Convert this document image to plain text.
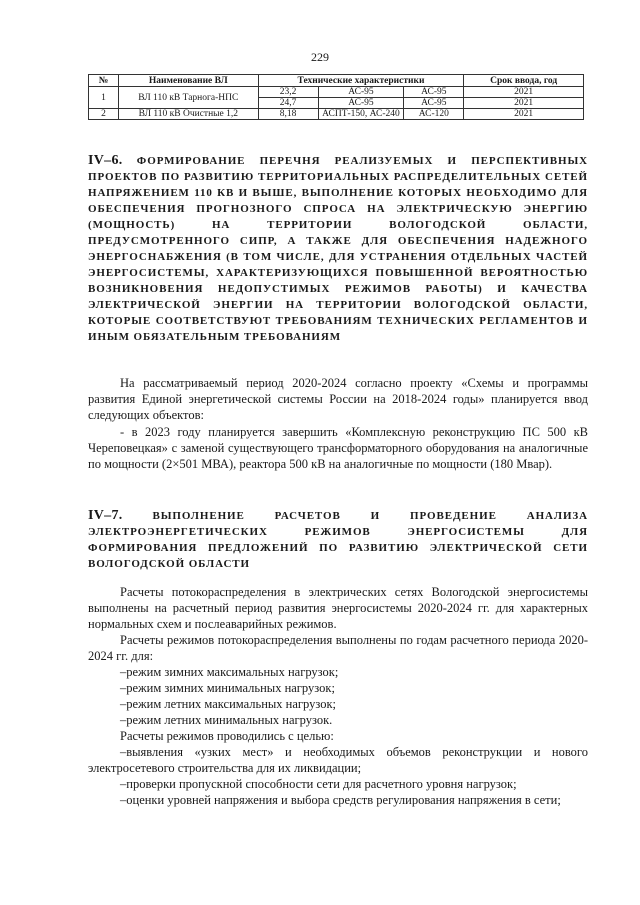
229
№	Наименование ВЛ	Технические характеристики			Срок ввода, год
1	ВЛ 110 кВ Тарнога-НПС	23,2	АС-95	АС-95	2021
		24,7	АС-95	АС-95	2021
2	ВЛ 110 кВ Очистные 1,2	8,18	АСПТ-150, АС-240	АС-120	2021
IV–6. ФОРМИРОВАНИЕ ПЕРЕЧНЯ РЕАЛИЗУЕМЫХ И ПЕРСПЕКТИВНЫХ ПРОЕКТОВ ПО РАЗВИТИЮ ТЕРРИТОРИАЛЬНЫХ РАСПРЕДЕЛИТЕЛЬНЫХ СЕТЕЙ НАПРЯЖЕНИЕМ 110 КВ И ВЫШЕ, ВЫПОЛНЕНИЕ КОТОРЫХ НЕОБХОДИМО ДЛЯ ОБЕСПЕЧЕНИЯ ПРОГНОЗНОГО СПРОСА НА ЭЛЕКТРИЧЕСКУЮ ЭНЕРГИЮ (МОЩНОСТЬ) НА ТЕРРИТОРИИ ВОЛОГОДСКОЙ ОБЛАСТИ, ПРЕДУСМОТРЕННОГО СИПР, А ТАКЖЕ ДЛЯ ОБЕСПЕЧЕНИЯ НАДЕЖНОГО ЭНЕРГОСНАБЖЕНИЯ (В ТОМ ЧИСЛЕ, ДЛЯ УСТРАНЕНИЯ ОТДЕЛЬНЫХ ЧАСТЕЙ ЭНЕРГОСИСТЕМЫ, ХАРАКТЕРИЗУЮЩИХСЯ ПОВЫШЕННОЙ ВЕРОЯТНОСТЬЮ ВОЗНИКНОВЕНИЯ НЕДОПУСТИМЫХ РЕЖИМОВ РАБОТЫ) И КАЧЕСТВА ЭЛЕКТРИЧЕСКОЙ ЭНЕРГИИ НА ТЕРРИТОРИИ ВОЛОГОДСКОЙ ОБЛАСТИ, КОТОРЫЕ СООТВЕТСТВУЮТ ТРЕБОВАНИЯМ ТЕХНИЧЕСКИХ РЕГЛАМЕНТОВ И ИНЫМ ОБЯЗАТЕЛЬНЫМ ТРЕБОВАНИЯМ

На рассматриваемый период 2020-2024 согласно проекту «Схемы и программы развития Единой энергетической системы России на 2018-2024 годы» планируется ввод следующих объектов:

- в 2023 году планируется завершить «Комплексную реконструкцию ПС 500 кВ Череповецкая» с заменой существующего трансформаторного оборудования на аналогичные по мощности (2×501 МВА), реактора 500 кВ на аналогичные по мощности (180 Мвар).

IV–7.	ВЫПОЛНЕНИЕ РАСЧЕТОВ И ПРОВЕДЕНИЕ АНАЛИЗА ЭЛЕКТРОЭНЕРГЕТИЧЕСКИХ РЕЖИМОВ ЭНЕРГОСИСТЕМЫ ДЛЯ ФОРМИРОВАНИЯ ПРЕДЛОЖЕНИЙ ПО РАЗВИТИЮ ЭЛЕКТРИЧЕСКОЙ СЕТИ ВОЛОГОДСКОЙ ОБЛАСТИ

Расчеты потокораспределения в электрических сетях Вологодской энергосистемы выполнены на расчетный период развития энергосистемы 2020-2024 гг. для характерных нормальных схем и послеаварийных режимов.

Расчеты режимов потокораспределения выполнены по годам расчетного периода 2020-2024 гг. для:

–режим зимних максимальных нагрузок;

–режим зимних минимальных нагрузок;

–режим летних максимальных нагрузок;

–режим летних минимальных нагрузок.

Расчеты режимов проводились с целью:

–выявления «узких мест» и необходимых объемов реконструкции и нового электросетевого строительства для их ликвидации;

–проверки пропускной способности сети для расчетного уровня нагрузок;

–оценки уровней напряжения и выбора средств регулирования напряжения в сети;
